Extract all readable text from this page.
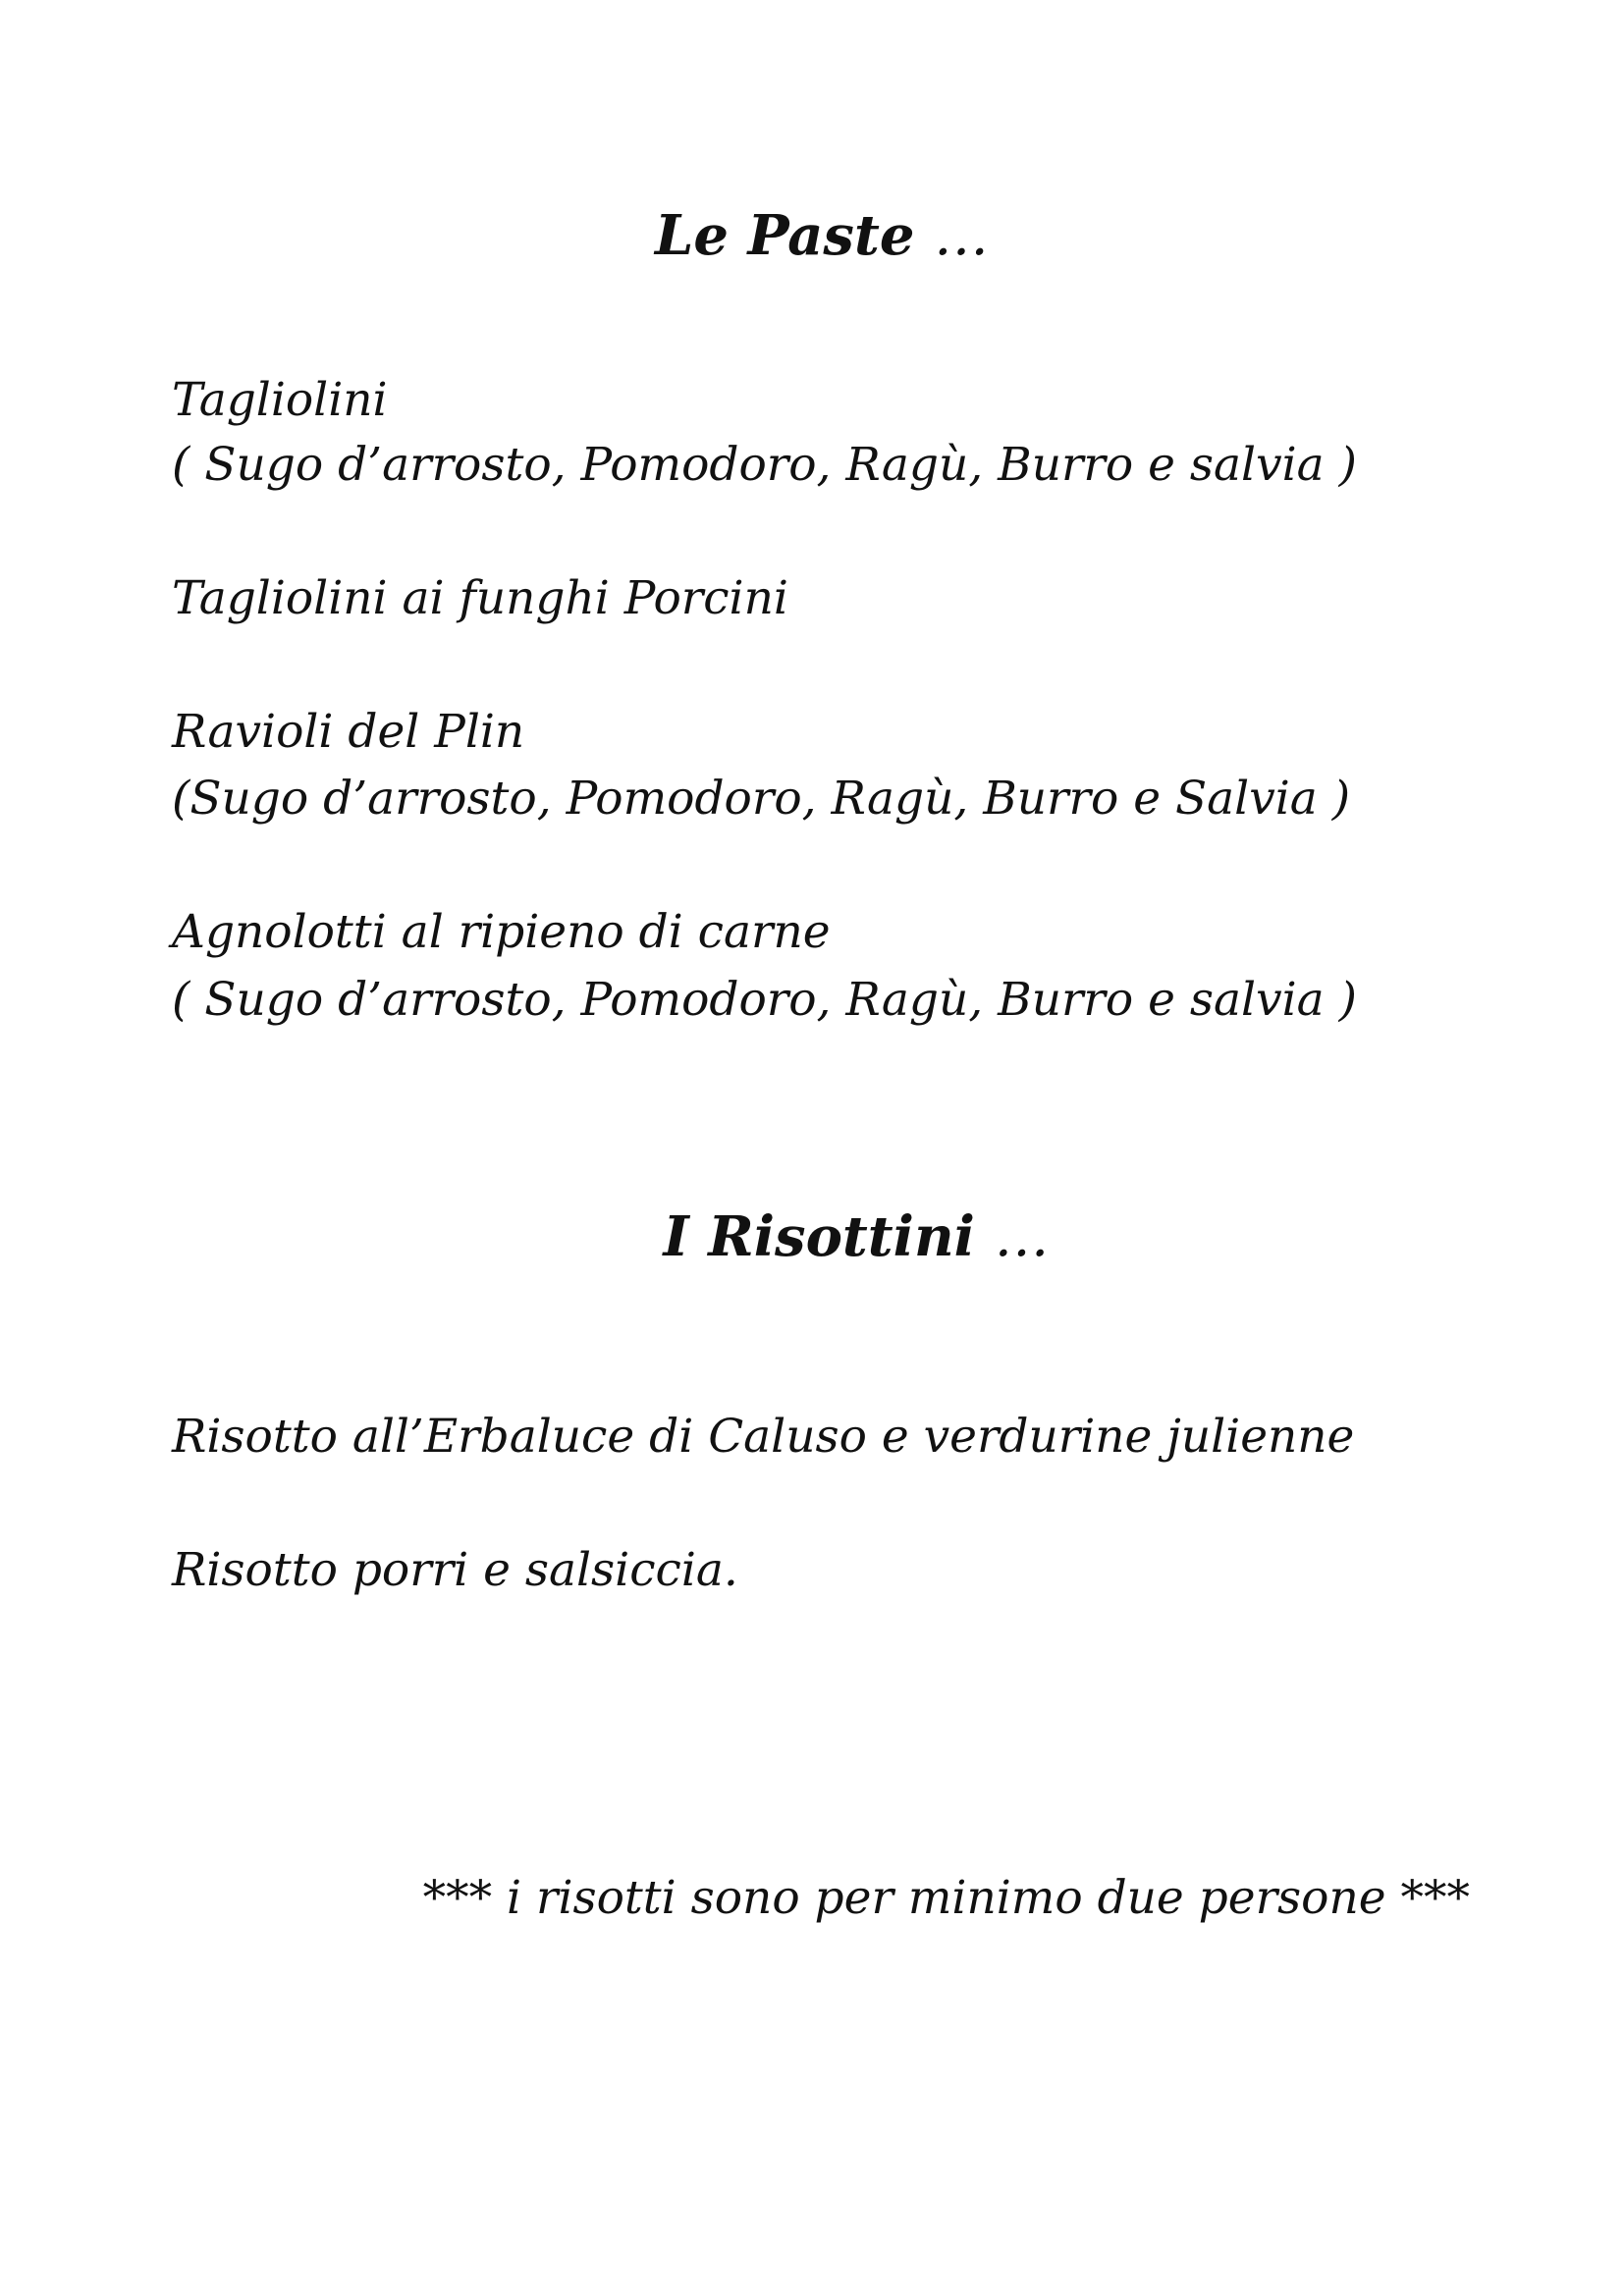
Le Paste …
Tagliolini
( Sugo d’arrosto, Pomodoro, Ragù, Burro e salvia )
Tagliolini ai funghi Porcini
Ravioli del Plin
(Sugo d’arrosto, Pomodoro, Ragù, Burro e Salvia )
Agnolotti al ripieno di carne
( Sugo d’arrosto, Pomodoro, Ragù, Burro e salvia )
I Risottini …
Risotto all’Erbaluce di Caluso e verdurine julienne
Risotto porri e salsiccia.
*** i risotti sono per minimo due persone ***
